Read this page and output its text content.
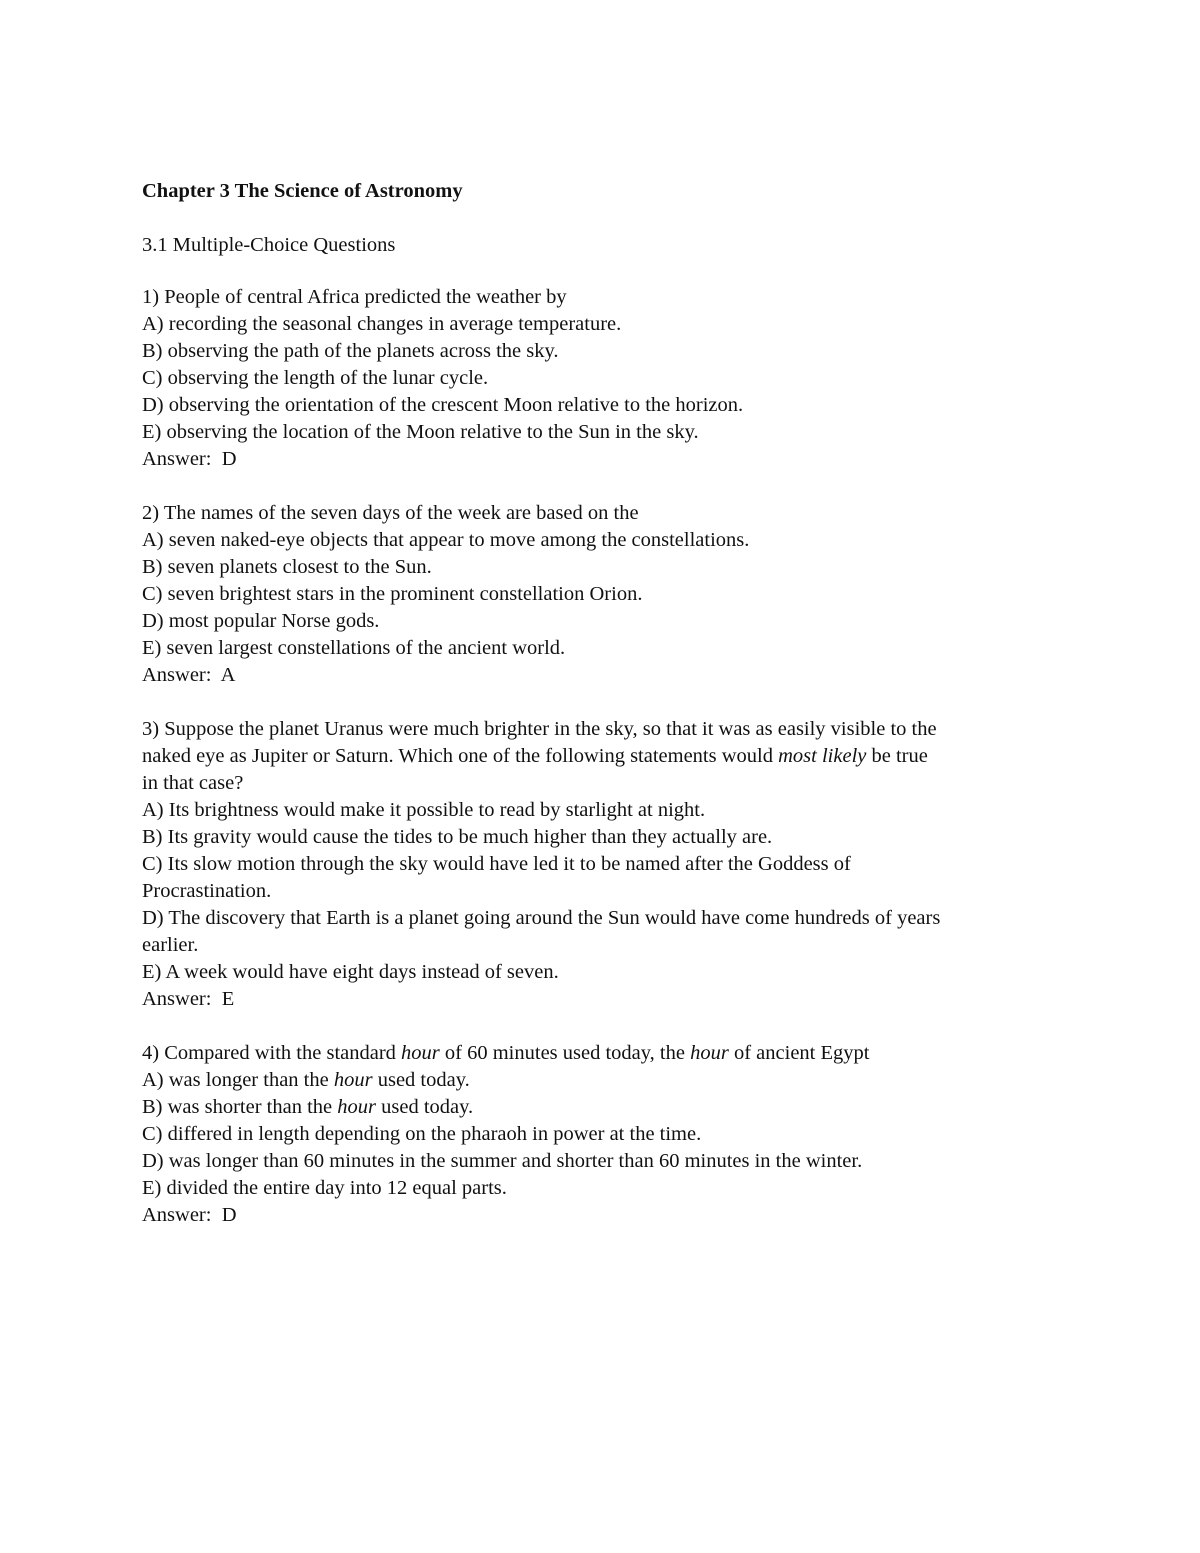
Chapter 3 The Science of Astronomy
3.1 Multiple-Choice Questions
1) People of central Africa predicted the weather by
A) recording the seasonal changes in average temperature.
B) observing the path of the planets across the sky.
C) observing the length of the lunar cycle.
D) observing the orientation of the crescent Moon relative to the horizon.
E) observing the location of the Moon relative to the Sun in the sky.
Answer:  D
2) The names of the seven days of the week are based on the
A) seven naked-eye objects that appear to move among the constellations.
B) seven planets closest to the Sun.
C) seven brightest stars in the prominent constellation Orion.
D) most popular Norse gods.
E) seven largest constellations of the ancient world.
Answer:  A
3) Suppose the planet Uranus were much brighter in the sky, so that it was as easily visible to the
naked eye as Jupiter or Saturn. Which one of the following statements would most likely be true
in that case?
A) Its brightness would make it possible to read by starlight at night.
B) Its gravity would cause the tides to be much higher than they actually are.
C) Its slow motion through the sky would have led it to be named after the Goddess of
Procrastination.
D) The discovery that Earth is a planet going around the Sun would have come hundreds of years
earlier.
E) A week would have eight days instead of seven.
Answer:  E
4) Compared with the standard hour of 60 minutes used today, the hour of ancient Egypt
A) was longer than the hour used today.
B) was shorter than the hour used today.
C) differed in length depending on the pharaoh in power at the time.
D) was longer than 60 minutes in the summer and shorter than 60 minutes in the winter.
E) divided the entire day into 12 equal parts.
Answer:  D
